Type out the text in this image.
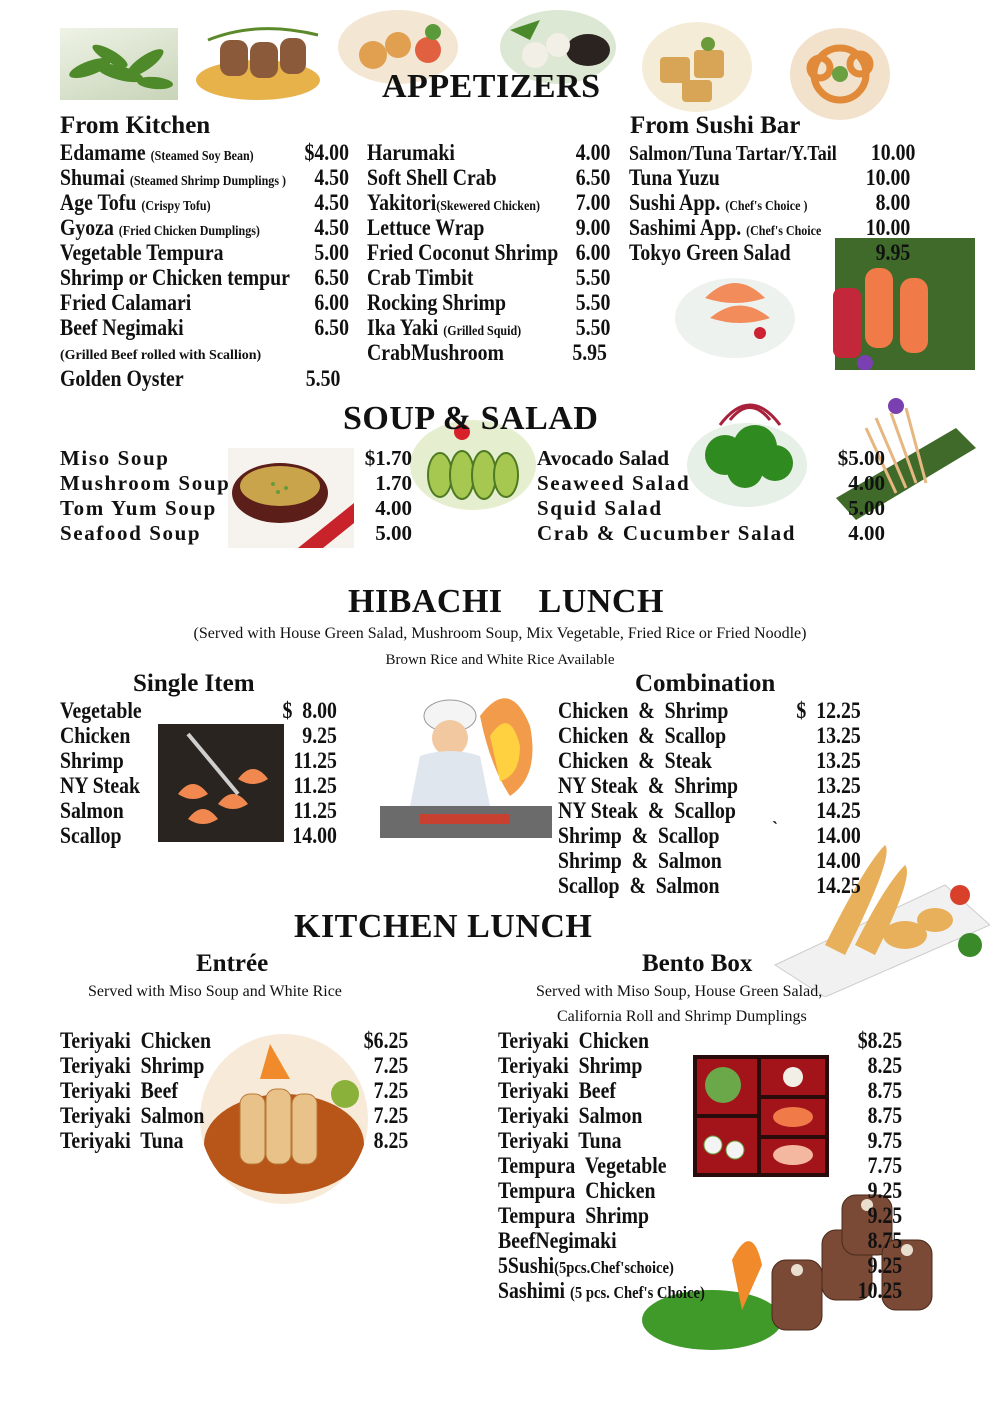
APPETIZERS
From Kitchen
Edamame (Steamed Soy Bean)	$4.00
Shumai (Steamed Shrimp Dumplings )	4.50
Age Tofu (Crispy Tofu)	4.50
Gyoza (Fried Chicken Dumplings)	4.50
Vegetable Tempura	5.00
Shrimp or Chicken tempur	6.50
Fried Calamari	6.00
Beef Negimaki	6.50
(Grilled Beef rolled with Scallion)
Golden Oyster	5.50
Harumaki	4.00
Soft Shell Crab	6.50
Yakitori(Skewered Chicken)	7.00
Lettuce Wrap	9.00
Fried Coconut Shrimp 6.00
Crab Timbit	5.50
Rocking Shrimp	5.50
Ika Yaki (Grilled Squid)	5.50
CrabMushroom	5.95
From Sushi Bar
Salmon/Tuna Tartar/Y.Tail	10.00
Tuna Yuzu	10.00
Sushi App. (Chef's Choice )	8.00
Sashimi App. (Chef's Choice	10.00
Tokyo Green Salad	9.95
SOUP & SALAD
Miso Soup	$1.70
Mushroom Soup	1.70
Tom Yum Soup	4.00
Seafood Soup	5.00
Avocado Salad	$5.00
Seaweed Salad	4.00
Squid Salad	5.00
Crab & Cucumber Salad 4.00
HIBACHI    LUNCH
(Served with House Green Salad, Mushroom Soup, Mix Vegetable, Fried Rice or Fried Noodle)
Brown Rice and White Rice Available
Single Item
Vegetable	$  8.00
Chicken	9.25
Shrimp	11.25
NY Steak	11.25
Salmon	11.25
Scallop	14.00
Combination
Chicken  &  Shrimp	$  12.25
Chicken  &  Scallop	13.25
Chicken  &  Steak	13.25
NY Steak  &  Shrimp	13.25
NY Steak  &  Scallop	14.25
Shrimp  &  Scallop	14.00
Shrimp  &  Salmon	14.00
Scallop  &  Salmon	14.25
`
KITCHEN LUNCH
Entrée
Served with Miso Soup and White Rice
Teriyaki  Chicken	$6.25
Teriyaki  Shrimp	7.25
Teriyaki  Beef	7.25
Teriyaki  Salmon	7.25
Teriyaki  Tuna	8.25
Bento Box
Served with Miso Soup, House Green Salad,
California Roll and Shrimp Dumplings
Teriyaki  Chicken	$8.25
Teriyaki  Shrimp	8.25
Teriyaki  Beef	8.75
Teriyaki  Salmon	8.75
Teriyaki  Tuna	9.75
Tempura  Vegetable	7.75
Tempura  Chicken	9.25
Tempura  Shrimp	9.25
BeefNegimaki	8.75
5Sushi(5pcs.Chef'schoice)	9.25
Sashimi (5 pcs. Chef's Choice)	10.25
